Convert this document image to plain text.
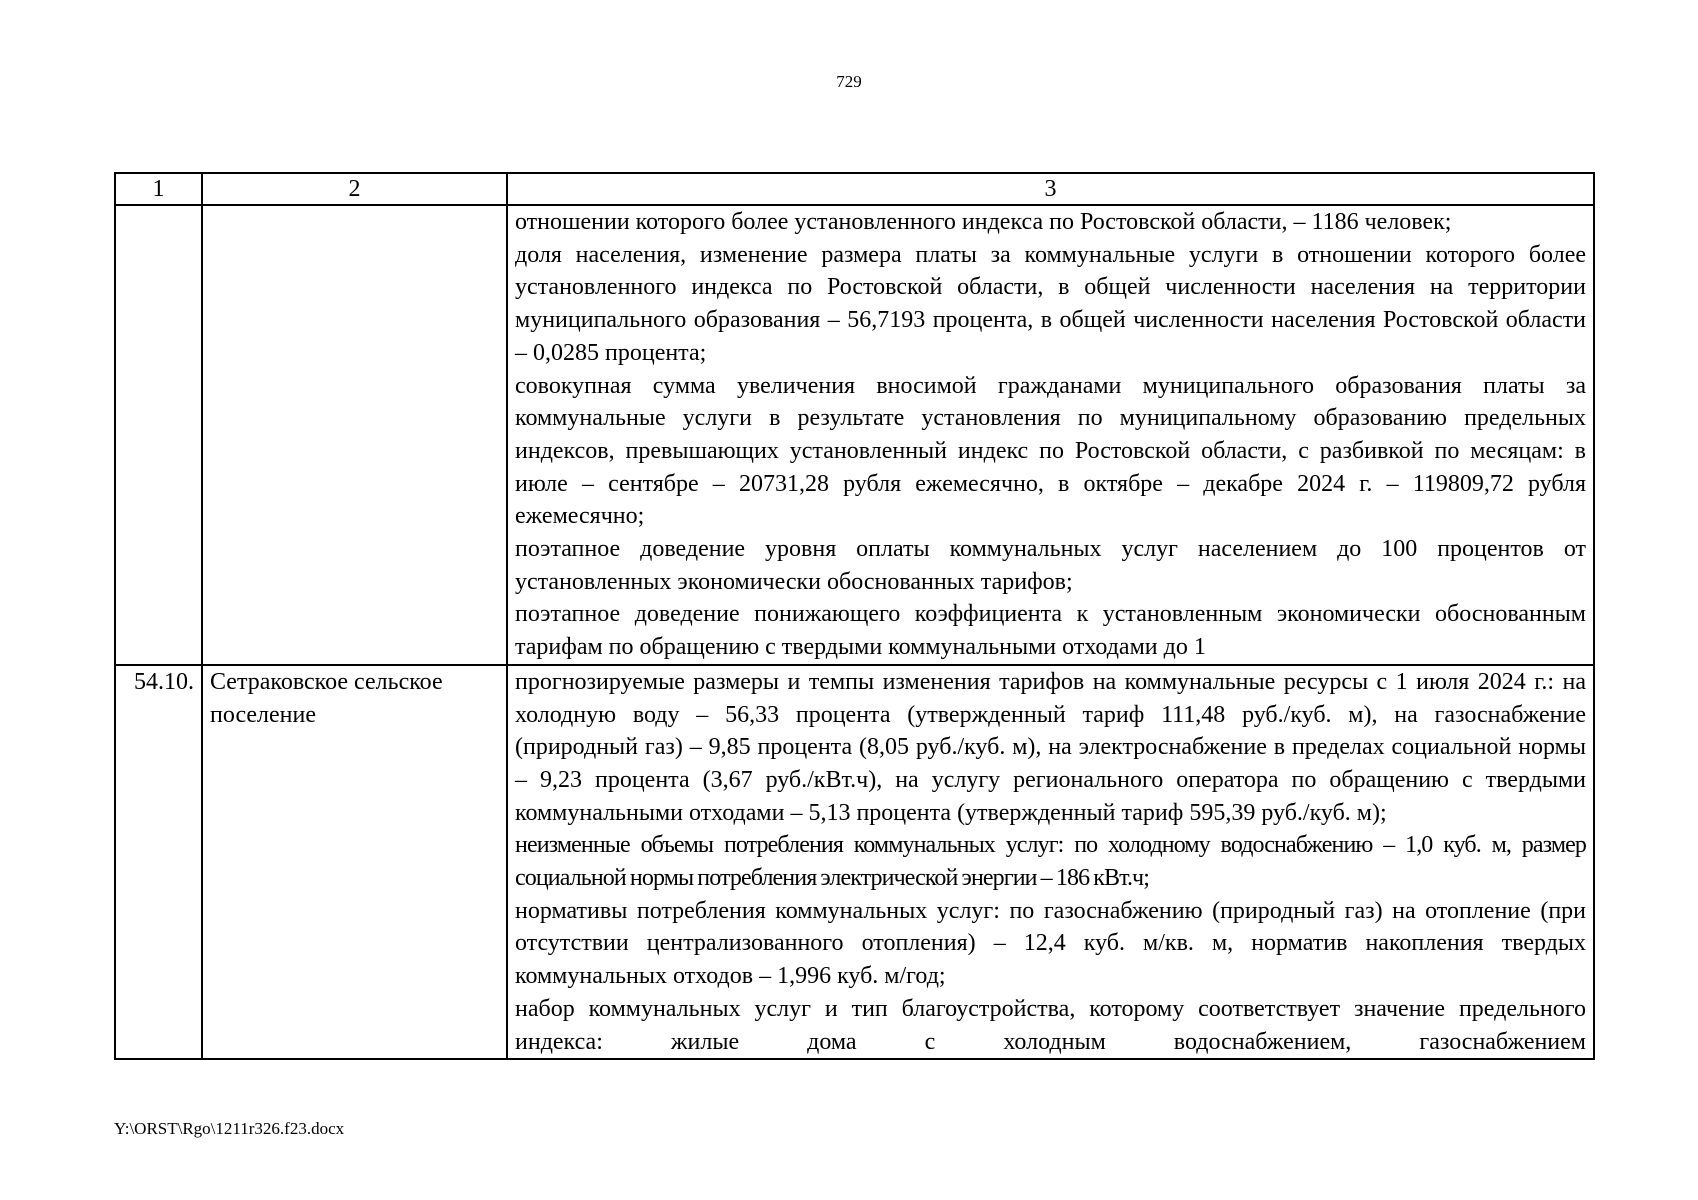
729
1	2	3

		отношении которого более установленного индекса по Ростовской области, – 1186 человек;

доля населения, изменение размера платы за коммунальные услуги в отношении которого более установленного индекса по Ростовской области, в общей численности населения на территории муниципального образования – 56,7193 процента, в общей численности населения Ростовской области – 0,0285 процента;

совокупная сумма увеличения вносимой гражданами муниципального образования платы за коммунальные услуги в результате установления по муниципальному образованию предельных индексов, превышающих установленный индекс по Ростовской области, с разбивкой по месяцам: в июле – сентябре – 20731,28 рубля ежемесячно, в октябре – декабре 2024 г. – 119809,72 рубля ежемесячно;

поэтапное доведение уровня оплаты коммунальных услуг населением до 100 процентов от установленных экономически обоснованных тарифов;

поэтапное доведение понижающего коэффициента к установленным экономически обоснованным тарифам по обращению с твердыми коммунальными отходами до 1

54.10.	Сетраковское сельское поселение	прогнозируемые размеры и темпы изменения тарифов на коммунальные ресурсы с 1 июля 2024 г.: на холодную воду – 56,33 процента (утвержденный тариф 111,48 руб./куб. м), на газоснабжение (природный газ) – 9,85 процента (8,05 руб./куб. м), на электроснабжение в пределах социальной нормы – 9,23 процента (3,67 руб./кВт.ч), на услугу регионального оператора по обращению с твердыми коммунальными отходами – 5,13 процента (утвержденный тариф 595,39 руб./куб. м);

неизменные объемы потребления коммунальных услуг: по холодному водоснабжению – 1,0 куб. м, размер социальной нормы потребления электрической энергии – 186 кВт.ч;

нормативы потребления коммунальных услуг: по газоснабжению (природный газ) на отопление (при отсутствии централизованного отопления) – 12,4 куб. м/кв. м, норматив накопления твердых коммунальных отходов – 1,996 куб. м/год;

набор коммунальных услуг и тип благоустройства, которому соответствует значение предельного индекса: жилые дома с холодным водоснабжением, газоснабжением

Y:\ORST\Rgo\1211r326.f23.docx
